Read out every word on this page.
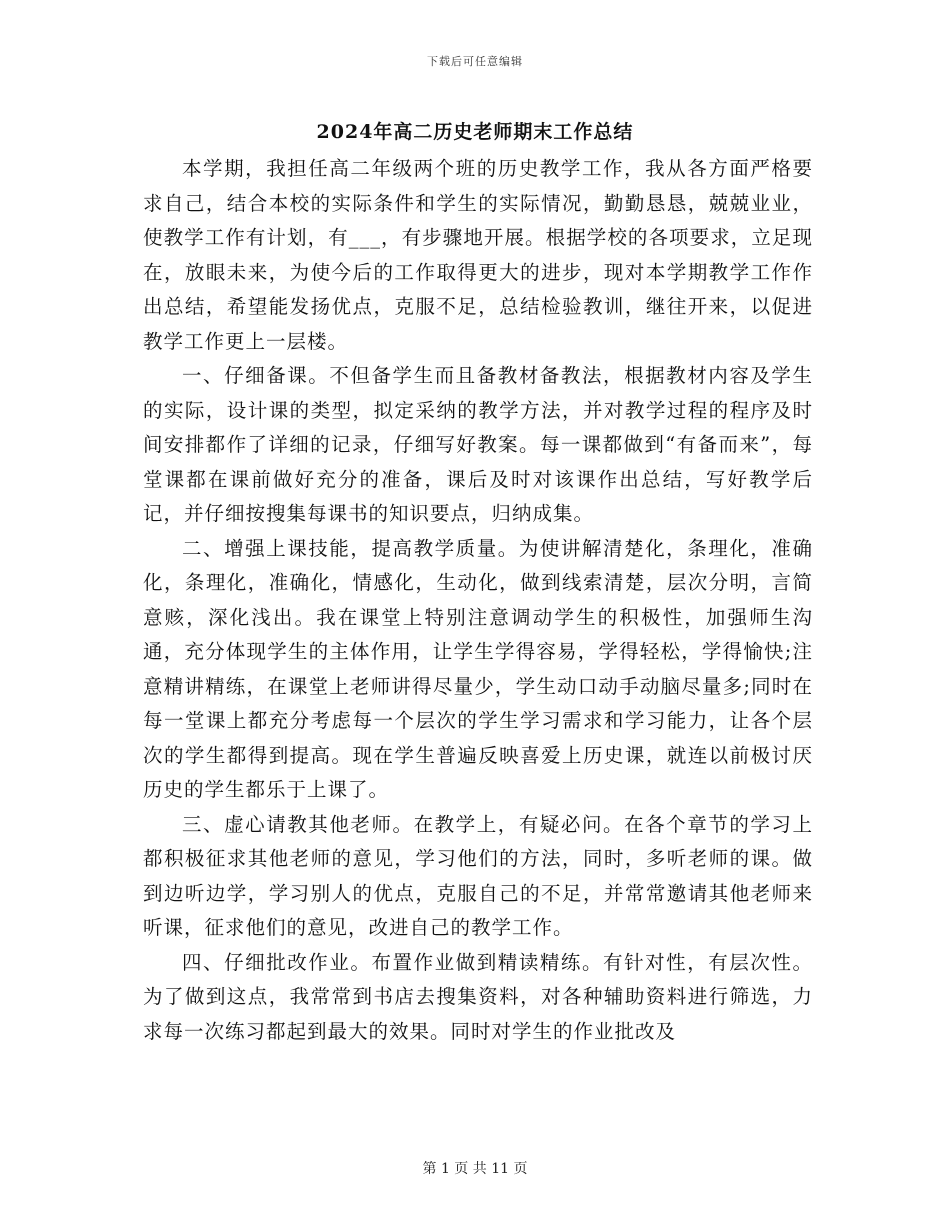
下载后可任意编辑
2024年高二历史老师期末工作总结

本学期，我担任高二年级两个班的历史教学工作，我从各方面严格要求自己，结合本校的实际条件和学生的实际情况，勤勤恳恳，兢兢业业，使教学工作有计划，有___，有步骤地开展。根据学校的各项要求，立足现在，放眼未来，为使今后的工作取得更大的进步，现对本学期教学工作作出总结，希望能发扬优点，克服不足，总结检验教训，继往开来，以促进教学工作更上一层楼。

一、仔细备课。不但备学生而且备教材备教法，根据教材内容及学生的实际，设计课的类型，拟定采纳的教学方法，并对教学过程的程序及时间安排都作了详细的记录，仔细写好教案。每一课都做到“有备而来”，每堂课都在课前做好充分的准备，课后及时对该课作出总结，写好教学后记，并仔细按搜集每课书的知识要点，归纳成集。

二、增强上课技能，提高教学质量。为使讲解清楚化，条理化，准确化，条理化，准确化，情感化，生动化，做到线索清楚，层次分明，言简意赅，深化浅出。我在课堂上特别注意调动学生的积极性，加强师生沟通，充分体现学生的主体作用，让学生学得容易，学得轻松，学得愉快;注意精讲精练，在课堂上老师讲得尽量少，学生动口动手动脑尽量多;同时在每一堂课上都充分考虑每一个层次的学生学习需求和学习能力，让各个层次的学生都得到提高。现在学生普遍反映喜爱上历史课，就连以前极讨厌历史的学生都乐于上课了。

三、虚心请教其他老师。在教学上，有疑必问。在各个章节的学习上都积极征求其他老师的意见，学习他们的方法，同时，多听老师的课。做到边听边学，学习别人的优点，克服自己的不足，并常常邀请其他老师来听课，征求他们的意见，改进自己的教学工作。

四、仔细批改作业。布置作业做到精读精练。有针对性，有层次性。为了做到这点，我常常到书店去搜集资料，对各种辅助资料进行筛选，力求每一次练习都起到最大的效果。同时对学生的作业批改及

第 1 页 共 11 页
